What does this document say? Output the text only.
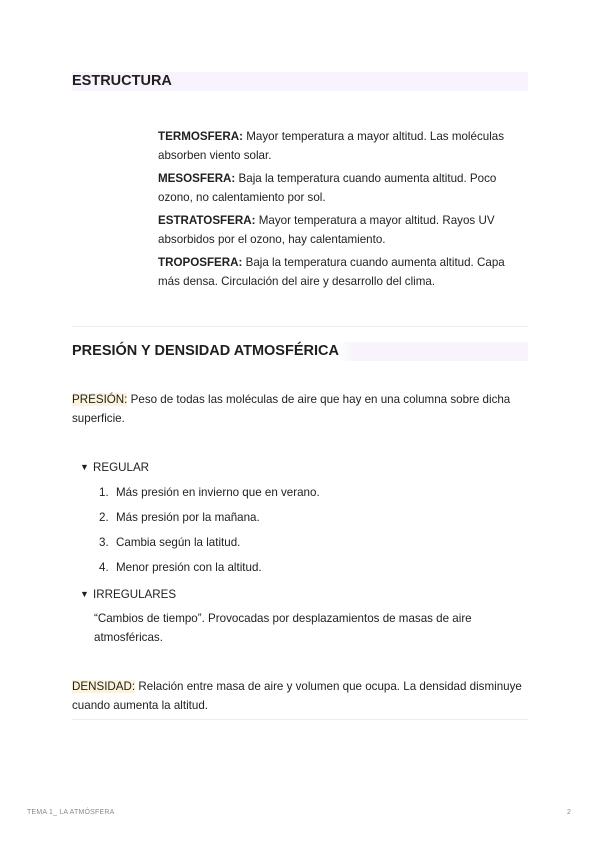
ESTRUCTURA
TERMOSFERA: Mayor temperatura a mayor altitud. Las moléculas absorben viento solar.
MESOSFERA: Baja la temperatura cuando aumenta altitud. Poco ozono, no calentamiento por sol.
ESTRATOSFERA: Mayor temperatura a mayor altitud. Rayos UV absorbidos por el ozono, hay calentamiento.
TROPOSFERA: Baja la temperatura cuando aumenta altitud. Capa más densa. Circulación del aire y desarrollo del clima.
PRESIÓN Y DENSIDAD ATMOSFÉRICA
PRESIÓN: Peso de todas las moléculas de aire que hay en una columna sobre dicha superficie.
▼ REGULAR
1. Más presión en invierno que en verano.
2. Más presión por la mañana.
3. Cambia según la latitud.
4. Menor presión con la altitud.
▼ IRREGULARES
“Cambios de tiempo”. Provocadas por desplazamientos de masas de aire atmosféricas.
DENSIDAD: Relación entre masa de aire y volumen que ocupa. La densidad disminuye cuando aumenta la altitud.
TEMA 1_ LA ATMÓSFERA	2
